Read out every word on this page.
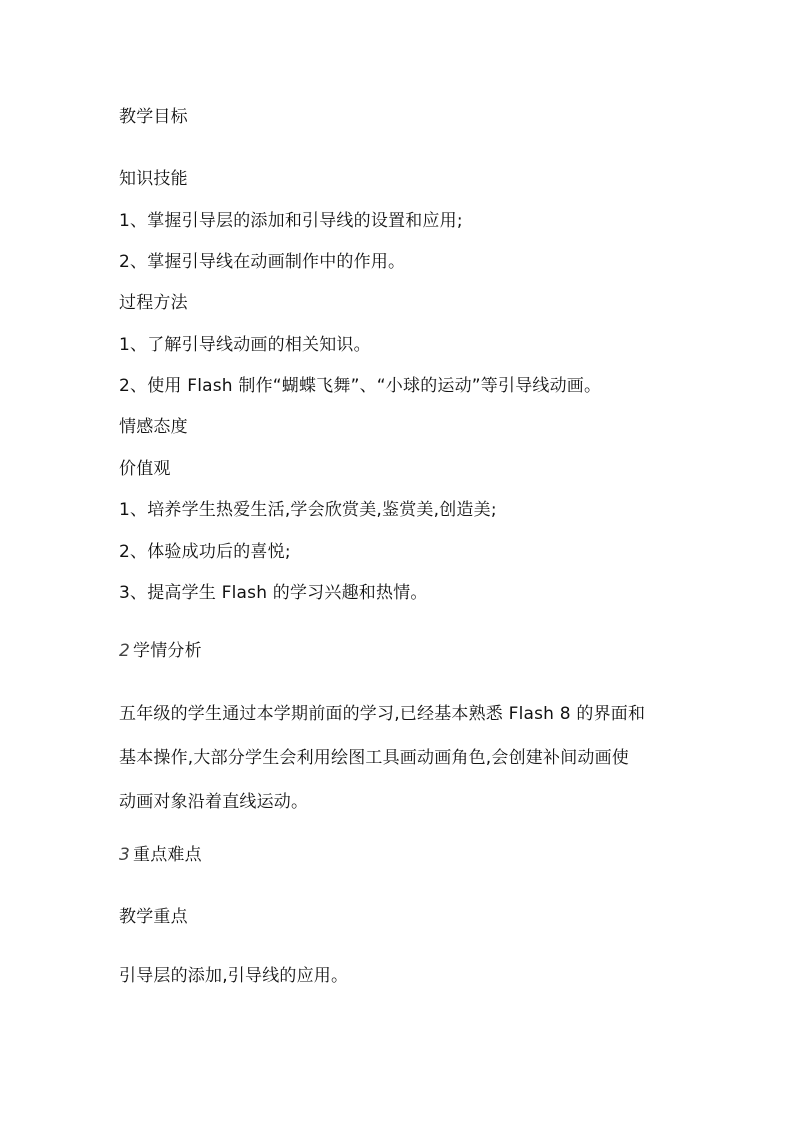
教学目标
知识技能
1、掌握引导层的添加和引导线的设置和应用;
2、掌握引导线在动画制作中的作用。
过程方法
1、了解引导线动画的相关知识。
2、使用 Flash 制作“蝴蝶飞舞”、“小球的运动”等引导线动画。
情感态度
价值观
1、培养学生热爱生活,学会欣赏美,鉴赏美,创造美;
2、体验成功后的喜悦;
3、提高学生 Flash 的学习兴趣和热情。
2 学情分析
五年级的学生通过本学期前面的学习,已经基本熟悉 Flash 8 的界面和
基本操作,大部分学生会利用绘图工具画动画角色,会创建补间动画使
动画对象沿着直线运动。
3 重点难点
教学重点
引导层的添加,引导线的应用。
